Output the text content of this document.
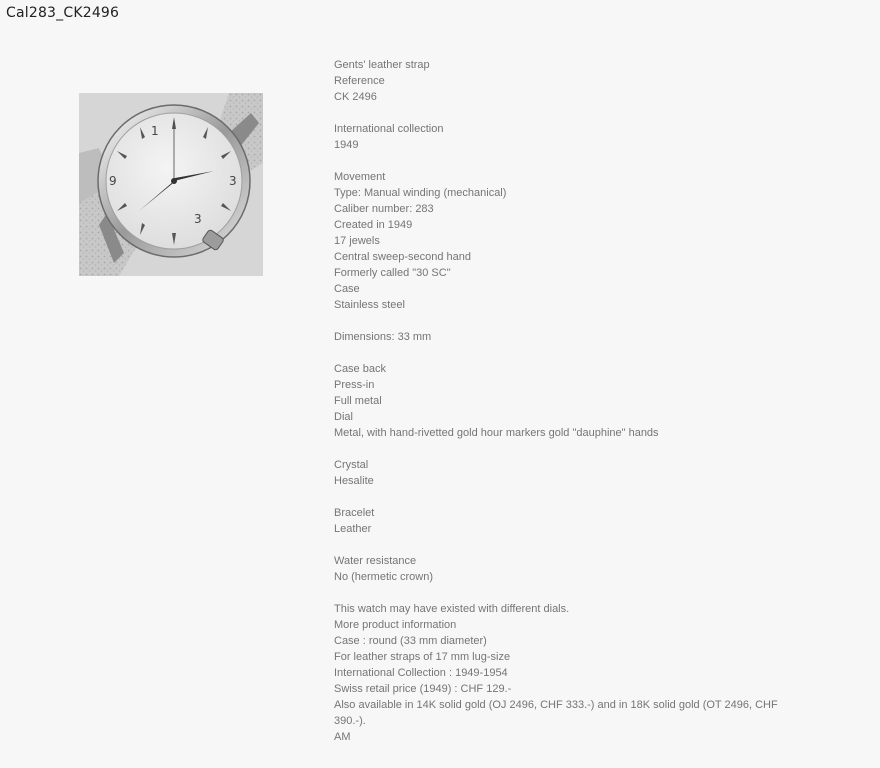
Cal283_CK2496
1
3
3
9
Gents' leather strap
Reference
CK 2496
International collection
1949
Movement
Type: Manual winding (mechanical)
Caliber number: 283
Created in 1949
17 jewels
Central sweep-second hand
Formerly called "30 SC"
Case
Stainless steel
Dimensions: 33 mm
Case back
Press-in
Full metal
Dial
Metal, with hand-rivetted gold hour markers gold "dauphine" hands
Crystal
Hesalite
Bracelet
Leather
Water resistance
No (hermetic crown)
This watch may have existed with different dials.
More product information
Case : round (33 mm diameter)
For leather straps of 17 mm lug-size
International Collection : 1949-1954
Swiss retail price (1949) : CHF 129.-
Also available in 14K solid gold (OJ 2496, CHF 333.-) and in 18K solid gold (OT 2496, CHF 390.-).
AM
